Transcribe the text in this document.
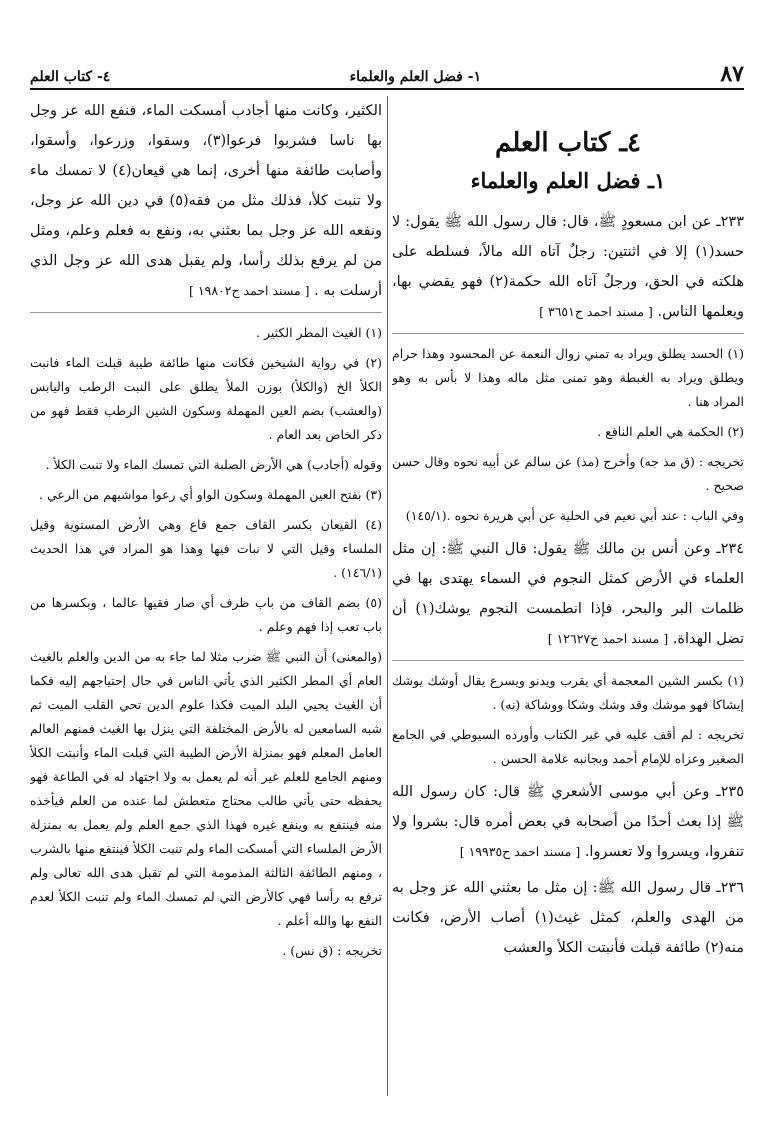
٨٧
١- فضل العلم والعلماء
٤- كتاب العلم
٤ـ كتاب العلم
١ـ فضل العلم والعلماء

٢٣٣ـ عن ابن مسعودٍ ﷺ، قال: قال رسول الله ﷺ يقول: لا حسد(١) إلا في اثنتين: رجلٌ آتاه الله مالاً، فسلطه على هلكته في الحق، ورجلٌ آتاه الله حكمة(٢) فهو يقضي بها، ويعلمها الناس. [ مسند احمد ح٣٦٥١ ]

(١) الحسد يطلق ويراد به تمني زوال النعمة عن المحسود وهذا حرام ويطلق ويراد به الغبطة وهو تمنى مثل ماله وهذا لا بأس به وهو المراد هنا .

(٢) الحكمة هي العلم النافع .

تخريجه : (ق مذ جه) وأخرج (مذ) عن سالم عن أبيه نحوه وقال حسن صحيح .

وفي الباب : عند أبي نعيم في الحلية عن أبي هريرة نحوه .(١٤٥/١)

٢٣٤ـ وعن أنس بن مالك ﷺ يقول: قال النبي ﷺ: إن مثل العلماء في الأرض كمثل النجوم في السماء يهتدى بها في ظلمات البر والبحر، فإذا انطمست النجوم يوشك(١) أن تضل الهداة. [ مسند احمد ح١٢٦٢٧ ]

(١) بكسر الشين المعجمة أي يقرب ويدنو ويسرع يقال أوشك يوشك إيشاكا فهو موشك وقد وشك وشكا ووشاكة (نه) .

تخريجه : لم أقف عليه في غير الكتاب وأورده السيوطي في الجامع الصغير وعزاه للإمام أحمد وبجانبه علامة الحسن .

٢٣٥ـ وعن أبي موسى الأشعري ﷺ قال: كان رسول الله ﷺ إذا بعث أحدًا من أصحابه في بعض أمره قال: بشروا ولا تنفروا، ويسروا ولا تعسروا. [ مسند احمد ح١٩٩٣٥ ]

٢٣٦ـ قال رسول الله ﷺ: إن مثل ما بعثني الله عز وجل به من الهدى والعلم، كمثل غيث(١) أصاب الأرض، فكانت منه(٢) طائفة قبلت فأنبتت الكلأ والعشب

الكثير، وكانت منها أجادب أمسكت الماء، فنفع الله عز وجل بها ناسا فشربوا فرعوا(٣)، وسقوا، وزرعوا، وأسقوا، وأصابت طائفة منها أخرى، إنما هي قيعان(٤) لا تمسك ماء ولا تنبت كلأ، فذلك مثل من فقه(٥) في دين الله عز وجل، ونفعه الله عز وجل بما بعثني به، ونفع به فعلم وعلم، ومثل من لم يرفع بذلك رأسا، ولم يقبل هدى الله عز وجل الذي أرسلت به . [ مسند احمد ح١٩٨٠٢ ]

(١) الغيث المطر الكثير .

(٢) في رواية الشيخين فكانت منها طائفة طيبة قبلت الماء فانبت الكلأ الخ (والكلأ) بوزن الملأ يطلق على النبت الرطب واليابس (والعشب) بضم العين المهملة وسكون الشين الرطب فقط فهو من ذكر الخاص بعد العام .

وقوله (أجادب) هي الأرض الصلبة التي تمسك الماء ولا تنبت الكلأ .

(٣) بفتح العين المهملة وسكون الواو أي رعوا مواشيهم من الرعي .

(٤) القيعان بكسر القاف جمع قاع وهي الأرض المستوية وقيل الملساء وقيل التي لا نبات فيها وهذا هو المراد في هذا الحديث (١٤٦/١) .

(٥) بضم القاف من باب ظرف أي صار فقيها عالما ، وبكسرها من باب تعب إذا فهم وعلم .

(والمعنى) أن النبي ﷺ ضرب مثلا لما جاء به من الدين والعلم بالغيث العام أي المطر الكثير الذي يأتي الناس في حال إحتياجهم إليه فكما أن الغيث يحيي البلد الميت فكذا علوم الدين تحي القلب الميت ثم شبه السامعين له بالأرض المختلفة التي ينزل بها الغيث فمنهم العالم العامل المعلم فهو بمنزلة الأرض الطيبة التي قبلت الماء وأنبتت الكلأ ومنهم الجامع للعلم غير أنه لم يعمل به ولا اجتهاد له في الطاعة فهو يحفظه حتى يأتي طالب محتاج متعطش لما عنده من العلم فيأخذه منه فينتفع به وينفع غيره فهذا الذي جمع العلم ولم يعمل به بمنزلة الأرض الملساء التي أمسكت الماء ولم تنبت الكلأ فينتفع منها بالشرب ، ومنهم الطائفة الثالثة المذمومة التي لم تقبل هدى الله تعالى ولم ترفع به رأسا فهي كالأرض التي لم تمسك الماء ولم تنبت الكلأ لعدم النفع بها والله أعلم .

تخريجه : (ق نس) .
